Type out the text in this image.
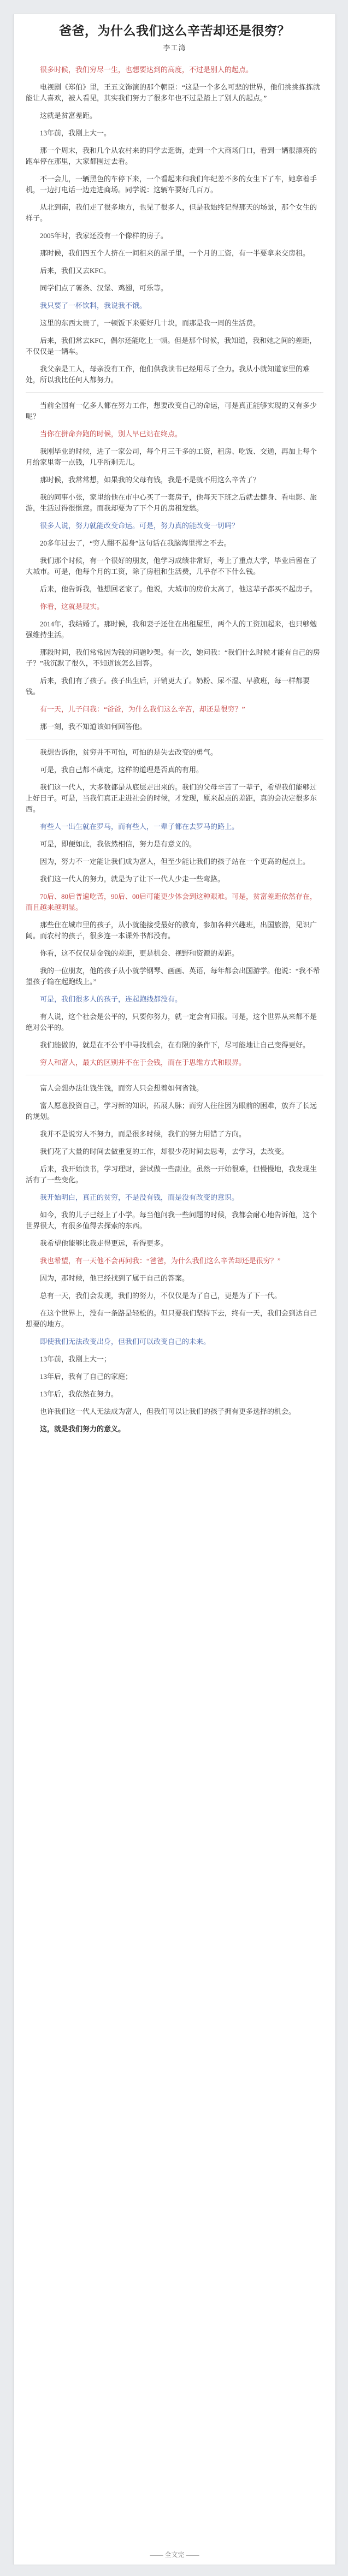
爸爸，为什么我们这么辛苦却还是很穷？
李工湾

很多时候，我们穷尽一生，也想要达到的高度，不过是别人的起点。

电视剧《郑伯》里，王五文饰演的那个朝臣：“这是一个多么可悲的世界，他们挑挑拣拣就能让人喜欢，被人看见，其实我们努力了很多年也不过是踏上了别人的起点。”

这就是贫富差距。

13年前，我刚上大一。

那一个周末，我和几个从农村来的同学去逛街，走到一个大商场门口，看到一辆很漂亮的跑车停在那里，大家都围过去看。

不一会儿，一辆黑色的车停下来，一个看起来和我们年纪差不多的女生下了车，她拿着手机，一边打电话一边走进商场。同学说：这辆车要好几百万。

从北到南，我们走了很多地方，也见了很多人，但是我始终记得那天的场景，那个女生的样子。

2005年时，我家还没有一个像样的房子。

那时候，我们四五个人挤在一间租来的屋子里，一个月的工资，有一半要拿来交房租。

后来，我们又去KFC。

同学们点了薯条、汉堡、鸡翅，可乐等。

我只要了一杯饮料，我说我不饿。

这里的东西太贵了，一顿饭下来要好几十块，而那是我一周的生活费。

后来，我们常去KFC，偶尔还能吃上一顿。但是那个时候，我知道，我和她之间的差距，不仅仅是一辆车。

我父亲是工人，母亲没有工作，他们供我读书已经用尽了全力。我从小就知道家里的难处，所以我比任何人都努力。

当前全国有一亿多人都在努力工作，想要改变自己的命运，可是真正能够实现的又有多少呢？

当你在拼命奔跑的时候，别人早已站在终点。

我刚毕业的时候，进了一家公司，每个月三千多的工资，租房、吃饭、交通，再加上每个月给家里寄一点钱，几乎所剩无几。

那时候，我常常想，如果我的父母有钱，我是不是就不用这么辛苦了？

我的同事小张，家里给他在市中心买了一套房子，他每天下班之后就去健身、看电影、旅游，生活过得很惬意。而我却要为了下个月的房租发愁。

很多人说，努力就能改变命运。可是，努力真的能改变一切吗？

20多年过去了，“穷人翻不起身”这句话在我脑海里挥之不去。

我们那个时候，有一个很好的朋友，他学习成绩非常好，考上了重点大学，毕业后留在了大城市。可是，他每个月的工资，除了房租和生活费，几乎存不下什么钱。

后来，他告诉我，他想回老家了。他说，大城市的房价太高了，他这辈子都买不起房子。

你看，这就是现实。

2014年，我结婚了。那时候，我和妻子还住在出租屋里，两个人的工资加起来，也只够勉强维持生活。

那段时间，我们常常因为钱的问题吵架。有一次，她问我：“我们什么时候才能有自己的房子？”我沉默了很久，不知道该怎么回答。

后来，我们有了孩子。孩子出生后，开销更大了。奶粉、尿不湿、早教班，每一样都要钱。

有一天，儿子问我：“爸爸，为什么我们这么辛苦，却还是很穷？”

那一刻，我不知道该如何回答他。

我想告诉他，贫穷并不可怕，可怕的是失去改变的勇气。

可是，我自己都不确定，这样的道理是否真的有用。

我们这一代人，大多数都是从底层走出来的。我们的父母辛苦了一辈子，希望我们能够过上好日子。可是，当我们真正走进社会的时候，才发现，原来起点的差距，真的会决定很多东西。

有些人一出生就在罗马，而有些人，一辈子都在去罗马的路上。

可是，即便如此，我依然相信，努力是有意义的。

因为，努力不一定能让我们成为富人，但至少能让我们的孩子站在一个更高的起点上。

我们这一代人的努力，就是为了让下一代人少走一些弯路。

70后、80后普遍吃苦，90后、00后可能更少体会到这种艰难。可是，贫富差距依然存在，而且越来越明显。

那些住在城市里的孩子，从小就能接受最好的教育，参加各种兴趣班，出国旅游，见识广阔。而农村的孩子，很多连一本课外书都没有。

你看，这不仅仅是金钱的差距，更是机会、视野和资源的差距。

我的一位朋友，他的孩子从小就学钢琴、画画、英语，每年都会出国游学。他说：“我不希望孩子输在起跑线上。”

可是，我们很多人的孩子，连起跑线都没有。

有人说，这个社会是公平的，只要你努力，就一定会有回报。可是，这个世界从来都不是绝对公平的。

我们能做的，就是在不公平中寻找机会，在有限的条件下，尽可能地让自己变得更好。

穷人和富人，最大的区别并不在于金钱，而在于思维方式和眼界。

富人会想办法让钱生钱，而穷人只会想着如何省钱。

富人愿意投资自己，学习新的知识，拓展人脉；而穷人往往因为眼前的困难，放弃了长远的规划。

我并不是说穷人不努力，而是很多时候，我们的努力用错了方向。

我们花了大量的时间去做重复的工作，却很少花时间去思考，去学习，去改变。

后来，我开始读书，学习理财，尝试做一些副业。虽然一开始很难，但慢慢地，我发现生活有了一些变化。

我开始明白，真正的贫穷，不是没有钱，而是没有改变的意识。

如今，我的儿子已经上了小学。每当他问我一些问题的时候，我都会耐心地告诉他，这个世界很大，有很多值得去探索的东西。

我希望他能够比我走得更远，看得更多。

我也希望，有一天他不会再问我：“爸爸，为什么我们这么辛苦却还是很穷？”

因为，那时候，他已经找到了属于自己的答案。

总有一天，我们会发现，我们的努力，不仅仅是为了自己，更是为了下一代。

在这个世界上，没有一条路是轻松的。但只要我们坚持下去，终有一天，我们会到达自己想要的地方。

即使我们无法改变出身，但我们可以改变自己的未来。

13年前，我刚上大一；

13年后，我有了自己的家庭；

13年后，我依然在努力。

也许我们这一代人无法成为富人，但我们可以让我们的孩子拥有更多选择的机会。

这，就是我们努力的意义。

—— 全文完 ——
